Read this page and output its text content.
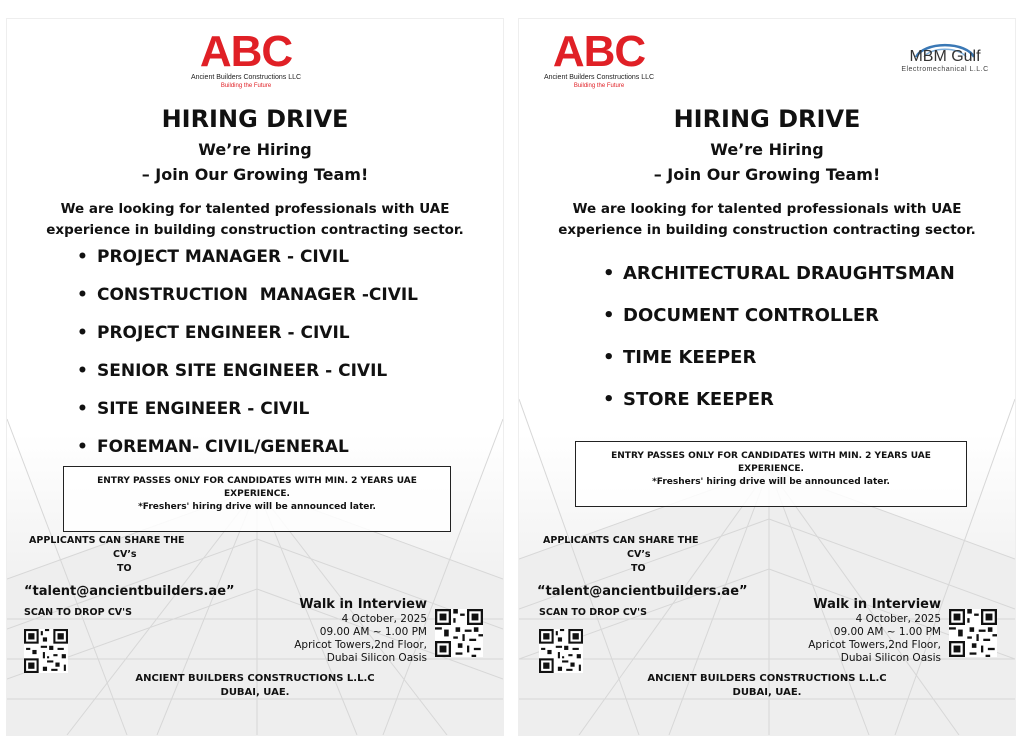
ABC
Ancient Builders Constructions LLC
Building the Future
HIRING DRIVE
We’re Hiring
– Join Our Growing Team!
We are looking for talented professionals with UAE experience in building construction contracting sector.
• PROJECT MANAGER - CIVIL
• CONSTRUCTION  MANAGER -CIVIL
• PROJECT ENGINEER - CIVIL
• SENIOR SITE ENGINEER - CIVIL
• SITE ENGINEER - CIVIL
• FOREMAN- CIVIL/GENERAL

ENTRY PASSES ONLY FOR CANDIDATES WITH MIN. 2 YEARS UAE EXPERIENCE.

*Freshers' hiring drive will be announced later.

APPLICANTS CAN SHARE THE
CV’s
TO
“talent@ancientbuilders.ae”
SCAN TO DROP CV'S
Walk in Interview
4 October, 2025
09.00 AM ~ 1.00 PM
Apricot Towers,2nd Floor,
Dubai Silicon Oasis
ANCIENT BUILDERS CONSTRUCTIONS L.L.C
DUBAI, UAE.
ABC
Ancient Builders Constructions LLC
Building the Future
MBM Gulf
Electromechanical L.L.C
HIRING DRIVE
We’re Hiring
– Join Our Growing Team!
We are looking for talented professionals with UAE experience in building construction contracting sector.
• ARCHITECTURAL DRAUGHTSMAN
• DOCUMENT CONTROLLER
• TIME KEEPER
• STORE KEEPER

ENTRY PASSES ONLY FOR CANDIDATES WITH MIN. 2 YEARS UAE EXPERIENCE.

*Freshers' hiring drive will be announced later.

APPLICANTS CAN SHARE THE
CV’s
TO
“talent@ancientbuilders.ae”
SCAN TO DROP CV'S
Walk in Interview
4 October, 2025
09.00 AM ~ 1.00 PM
Apricot Towers,2nd Floor,
Dubai Silicon Oasis
ANCIENT BUILDERS CONSTRUCTIONS L.L.C
DUBAI, UAE.
